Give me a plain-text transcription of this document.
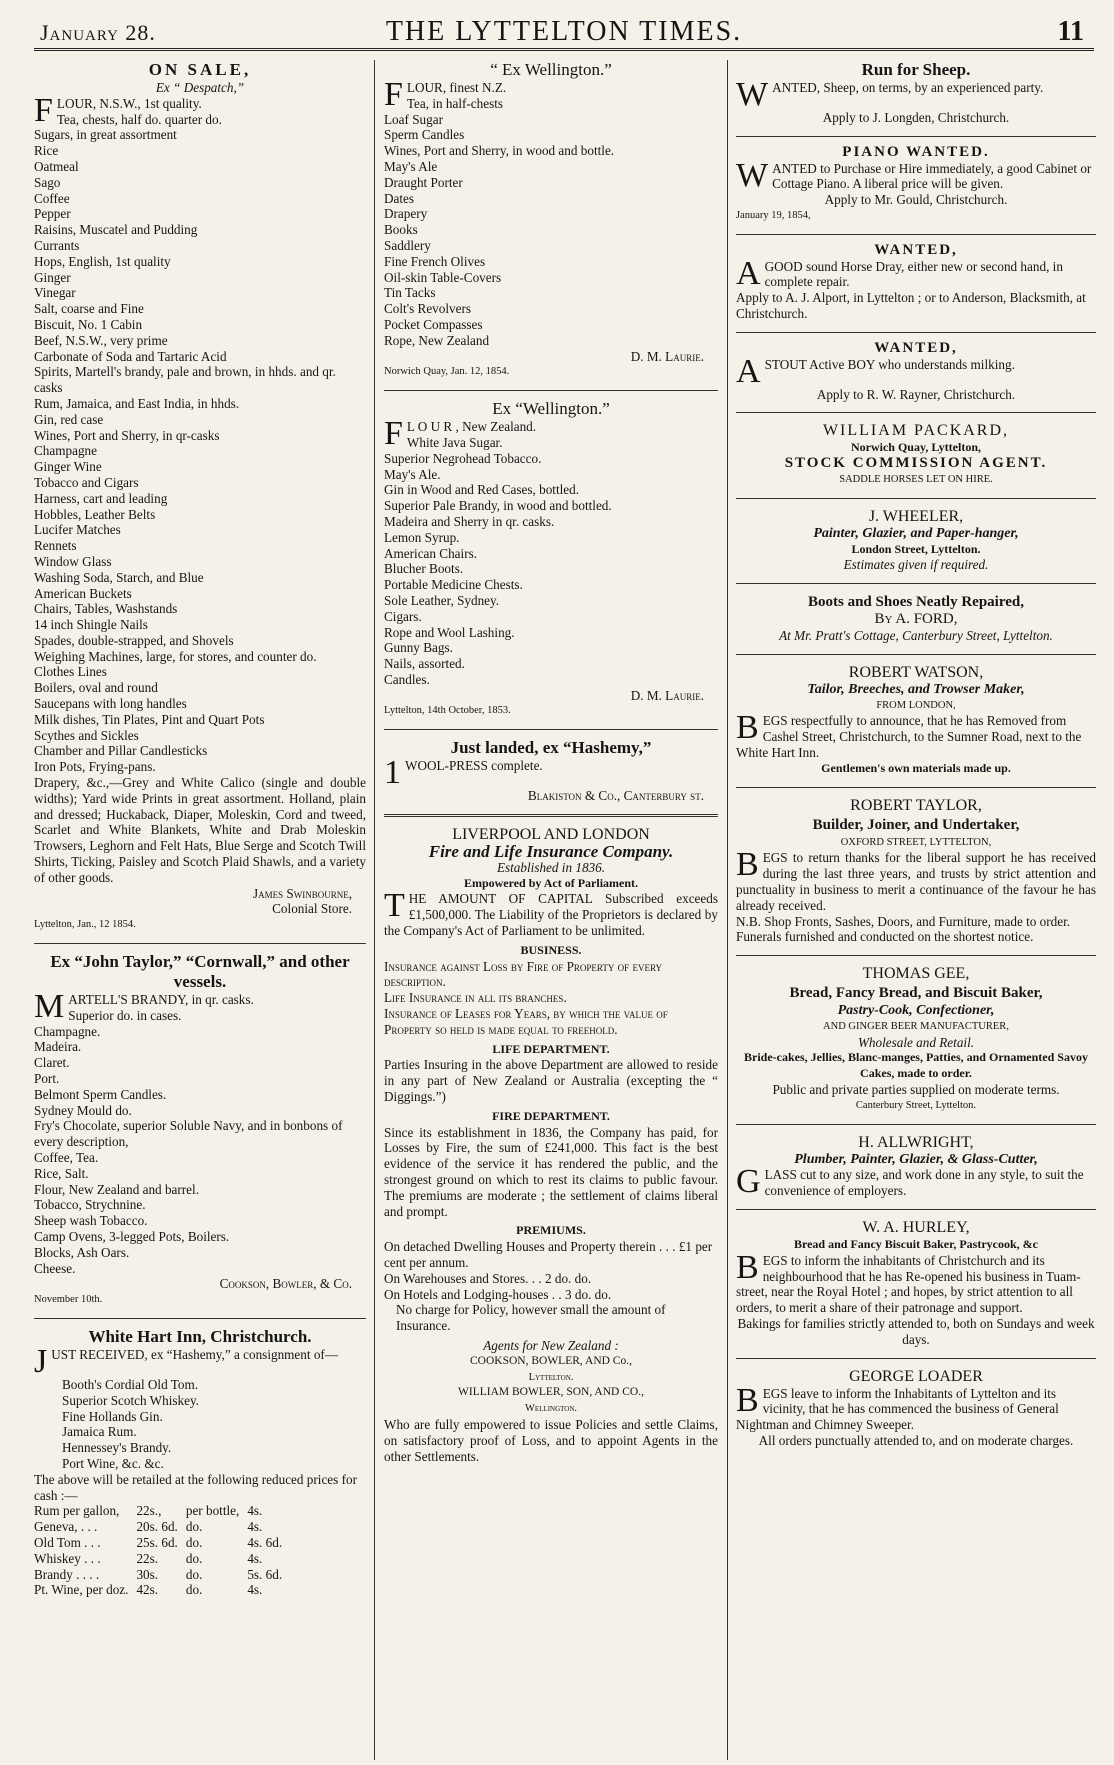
January 28.	THE LYTTELTON TIMES.	11
ON SALE,
Ex “ Despatch,”

FLOUR, N.S.W., 1st quality.

Tea, chests, half do. quarter do.

Sugars, in great assortment

Rice

Oatmeal

Sago

Coffee

Pepper

Raisins, Muscatel and Pudding

Currants

Hops, English, 1st quality

Ginger

Vinegar

Salt, coarse and Fine

Biscuit, No. 1 Cabin

Beef, N.S.W., very prime

Carbonate of Soda and Tartaric Acid

Spirits, Martell's brandy, pale and brown, in hhds. and qr. casks

Rum, Jamaica, and East India, in hhds.

Gin, red case

Wines, Port and Sherry, in qr-casks

Champagne

Ginger Wine

Tobacco and Cigars

Harness, cart and leading

Hobbles, Leather Belts

Lucifer Matches

Rennets

Window Glass

Washing Soda, Starch, and Blue

American Buckets

Chairs, Tables, Washstands

14 inch Shingle Nails

Spades, double-strapped, and Shovels

Weighing Machines, large, for stores, and counter do.

Clothes Lines

Boilers, oval and round

Saucepans with long handles

Milk dishes, Tin Plates, Pint and Quart Pots

Scythes and Sickles

Chamber and Pillar Candlesticks

Iron Pots, Frying-pans.

Drapery, &c.,—Grey and White Calico (single and double widths); Yard wide Prints in great assortment. Holland, plain and dressed; Huckaback, Diaper, Moleskin, Cord and tweed, Scarlet and White Blankets, White and Drab Moleskin Trowsers, Leghorn and Felt Hats, Blue Serge and Scotch Twill Shirts, Ticking, Paisley and Scotch Plaid Shawls, and a variety of other goods.

James Swinbourne,

Colonial Store.

Lyttelton, Jan., 12 1854.

Ex “John Taylor,” “Cornwall,” and other vessels.

MARTELL'S BRANDY, in qr. casks.

Superior do. in cases.

Champagne.

Madeira.

Claret.

Port.

Belmont Sperm Candles.

Sydney Mould do.

Fry's Chocolate, superior Soluble Navy, and in bonbons of every description,

Coffee, Tea.

Rice, Salt.

Flour, New Zealand and barrel.

Tobacco, Strychnine.

Sheep wash Tobacco.

Camp Ovens, 3-legged Pots, Boilers.

Blocks, Ash Oars.

Cheese.

Cookson, Bowler, & Co.

November 10th.

White Hart Inn, Christchurch.

JUST RECEIVED, ex “Hashemy,” a consignment of—

Booth's Cordial Old Tom.

Superior Scotch Whiskey.

Fine Hollands Gin.

Jamaica Rum.

Hennessey's Brandy.

Port Wine, &c. &c.

The above will be retailed at the following reduced prices for cash :—

Rum per gallon,	22s.,	per bottle,	4s.
Geneva, . . .	20s. 6d.	do.	4s.
Old Tom . . .	25s. 6d.	do.	4s. 6d.
Whiskey . . .	22s.	do.	4s.
Brandy . . . .	30s.	do.	5s. 6d.
Pt. Wine, per doz.	42s.	do.	4s.
“ Ex Wellington.”

FLOUR, finest N.Z.

Tea, in half-chests

Loaf Sugar

Sperm Candles

Wines, Port and Sherry, in wood and bottle.

May's Ale

Draught Porter

Dates

Drapery

Books

Saddlery

Fine French Olives

Oil-skin Table-Covers

Tin Tacks

Colt's Revolvers

Pocket Compasses

Rope, New Zealand

D. M. Laurie.

Norwich Quay, Jan. 12, 1854.

Ex “Wellington.”

F L O U R , New Zealand.

White Java Sugar.

Superior Negrohead Tobacco.

May's Ale.

Gin in Wood and Red Cases, bottled.

Superior Pale Brandy, in wood and bottled.

Madeira and Sherry in qr. casks.

Lemon Syrup.

American Chairs.

Blucher Boots.

Portable Medicine Chests.

Sole Leather, Sydney.

Cigars.

Rope and Wool Lashing.

Gunny Bags.

Nails, assorted.

Candles.

D. M. Laurie.

Lyttelton, 14th October, 1853.

Just landed, ex “Hashemy,”

1 WOOL-PRESS complete.

Blakiston & Co., Canterbury st.

LIVERPOOL AND LONDON
Fire and Life Insurance Company.
Established in 1836.
Empowered by Act of Parliament.

THE AMOUNT OF CAPITAL Subscribed exceeds £1,500,000. The Liability of the Proprietors is declared by the Company's Act of Parliament to be unlimited.

BUSINESS.

Insurance against Loss by Fire of Property of every description.

Life Insurance in all its branches.

Insurance of Leases for Years, by which the value of Property so held is made equal to freehold.

LIFE DEPARTMENT.

Parties Insuring in the above Department are allowed to reside in any part of New Zealand or Australia (excepting the “ Diggings.”)

FIRE DEPARTMENT.

Since its establishment in 1836, the Company has paid, for Losses by Fire, the sum of £241,000. This fact is the best evidence of the service it has rendered the public, and the strongest ground on which to rest its claims to public favour. The premiums are moderate ; the settlement of claims liberal and prompt.

PREMIUMS.

On detached Dwelling Houses and Property therein . . . £1 per cent per annum.

On Warehouses and Stores. . . 2 do. do.

On Hotels and Lodging-houses . . 3 do. do.

No charge for Policy, however small the amount of Insurance.

Agents for New Zealand :
COOKSON, BOWLER, AND Co.,
Lyttelton.
WILLIAM BOWLER, SON, AND CO.,
Wellington.

Who are fully empowered to issue Policies and settle Claims, on satisfactory proof of Loss, and to appoint Agents in the other Settlements.

Run for Sheep.

WANTED, Sheep, on terms, by an experienced party.

Apply to J. Longden, Christchurch.

PIANO WANTED.

WANTED to Purchase or Hire immediately, a good Cabinet or Cottage Piano. A liberal price will be given.

Apply to Mr. Gould, Christchurch.

January 19, 1854,

WANTED,

AGOOD sound Horse Dray, either new or second hand, in complete repair.

Apply to A. J. Alport, in Lyttelton ; or to Anderson, Blacksmith, at Christchurch.

WANTED,

ASTOUT Active BOY who understands milking.

Apply to R. W. Rayner, Christchurch.

WILLIAM PACKARD,
Norwich Quay, Lyttelton,
STOCK COMMISSION AGENT.
SADDLE HORSES LET ON HIRE.
J. WHEELER,
Painter, Glazier, and Paper-hanger,
London Street, Lyttelton.
Estimates given if required.
Boots and Shoes Neatly Repaired,
By A. FORD,
At Mr. Pratt's Cottage, Canterbury Street, Lyttelton.
ROBERT WATSON,
Tailor, Breeches, and Trowser Maker,
FROM LONDON,

BEGS respectfully to announce, that he has Removed from Cashel Street, Christchurch, to the Sumner Road, next to the White Hart Inn.

Gentlemen's own materials made up.

ROBERT TAYLOR,
Builder, Joiner, and Undertaker,
OXFORD STREET, LYTTELTON,

BEGS to return thanks for the liberal support he has received during the last three years, and trusts by strict attention and punctuality in business to merit a continuance of the favour he has already received.

N.B. Shop Fronts, Sashes, Doors, and Furniture, made to order.

Funerals furnished and conducted on the shortest notice.

THOMAS GEE,
Bread, Fancy Bread, and Biscuit Baker,
Pastry-Cook, Confectioner,
AND GINGER BEER MANUFACTURER,
Wholesale and Retail.

Bride-cakes, Jellies, Blanc-manges, Patties, and Ornamented Savoy Cakes, made to order.

Public and private parties supplied on moderate terms.

Canterbury Street, Lyttelton.

H. ALLWRIGHT,
Plumber, Painter, Glazier, & Glass-Cutter,

GLASS cut to any size, and work done in any style, to suit the convenience of employers.

W. A. HURLEY,
Bread and Fancy Biscuit Baker, Pastrycook, &c

BEGS to inform the inhabitants of Christchurch and its neighbourhood that he has Re-opened his business in Tuam-street, near the Royal Hotel ; and hopes, by strict attention to all orders, to merit a share of their patronage and support.

Bakings for families strictly attended to, both on Sundays and week days.

GEORGE LOADER

BEGS leave to inform the Inhabitants of Lyttelton and its vicinity, that he has commenced the business of General Nightman and Chimney Sweeper.

All orders punctually attended to, and on moderate charges.
